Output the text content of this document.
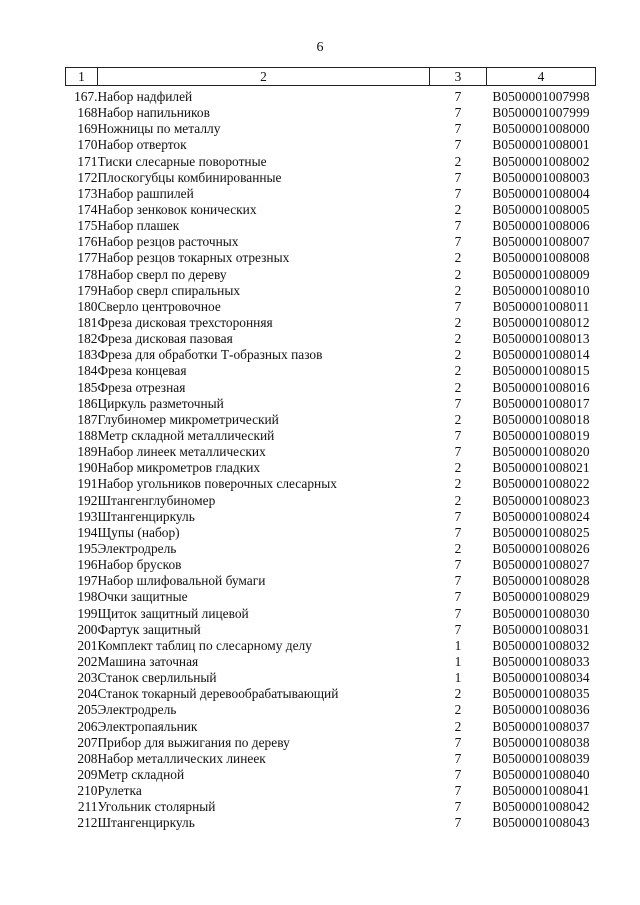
6
1	2	3	4
167.	Набор надфилей	7	B0500001007998
168	Набор напильников	7	B0500001007999
169	Ножницы по металлу	7	B0500001008000
170	Набор отверток	7	B0500001008001
171	Тиски слесарные поворотные	2	B0500001008002
172	Плоскогубцы комбинированные	7	B0500001008003
173	Набор рашпилей	7	B0500001008004
174	Набор зенковок конических	2	B0500001008005
175	Набор плашек	7	B0500001008006
176	Набор резцов расточных	7	B0500001008007
177	Набор резцов токарных отрезных	2	B0500001008008
178	Набор сверл по дереву	2	B0500001008009
179	Набор сверл спиральных	2	B0500001008010
180	Сверло центровочное	7	B0500001008011
181	Фреза дисковая трехсторонняя	2	B0500001008012
182	Фреза дисковая пазовая	2	B0500001008013
183	Фреза для обработки Т-образных пазов	2	B0500001008014
184	Фреза концевая	2	B0500001008015
185	Фреза отрезная	2	B0500001008016
186	Циркуль разметочный	7	B0500001008017
187	Глубиномер микрометрический	2	B0500001008018
188	Метр складной металлический	7	B0500001008019
189	Набор линеек металлических	7	B0500001008020
190	Набор микрометров гладких	2	B0500001008021
191	Набор угольников поверочных слесарных	2	B0500001008022
192	Штангенглубиномер	2	B0500001008023
193	Штангенциркуль	7	B0500001008024
194	Щупы (набор)	7	B0500001008025
195	Электродрель	2	B0500001008026
196	Набор брусков	7	B0500001008027
197	Набор шлифовальной бумаги	7	B0500001008028
198	Очки защитные	7	B0500001008029
199	Щиток защитный лицевой	7	B0500001008030
200	Фартук защитный	7	B0500001008031
201	Комплект таблиц по слесарному делу	1	B0500001008032
202	Машина заточная	1	B0500001008033
203	Станок сверлильный	1	B0500001008034
204	Станок токарный деревообрабатывающий	2	B0500001008035
205	Электродрель	2	B0500001008036
206	Электропаяльник	2	B0500001008037
207	Прибор для выжигания по дереву	7	B0500001008038
208	Набор металлических линеек	7	B0500001008039
209	Метр складной	7	B0500001008040
210	Рулетка	7	B0500001008041
211	Угольник столярный	7	B0500001008042
212	Штангенциркуль	7	B0500001008043
